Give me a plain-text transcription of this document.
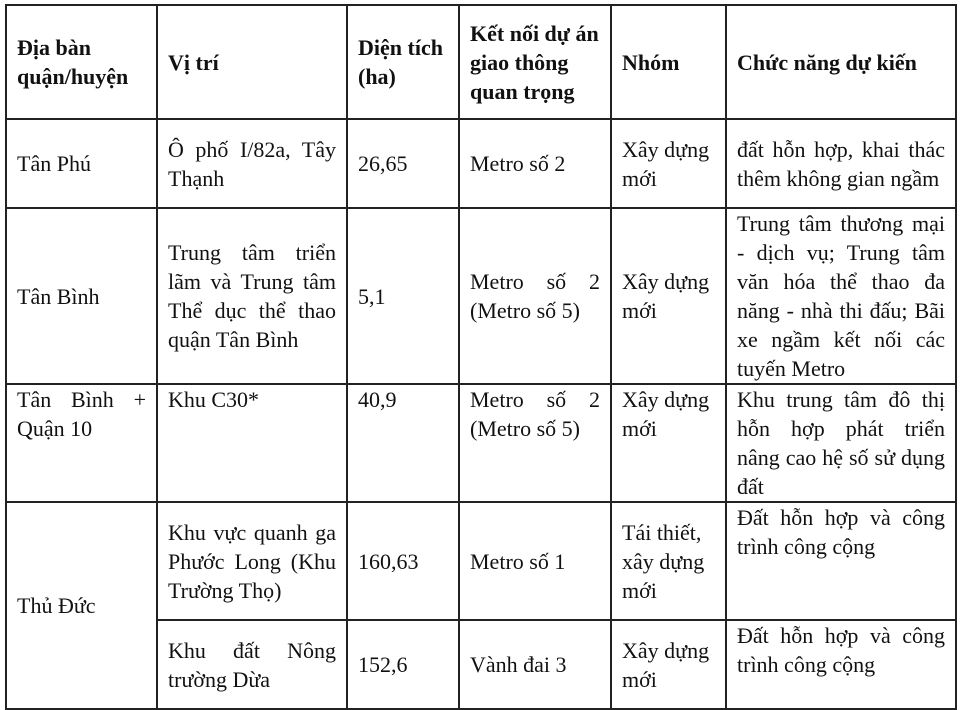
Địa bàn quận/huyện	Vị trí	Diện tích (ha)	Kết nối dự án giao thông quan trọng	Nhóm	Chức năng dự kiến
Tân Phú	Ô phố I/82a, Tây Thạnh	26,65	Metro số 2	Xây dựng mới	đất hỗn hợp, khai thác thêm không gian ngầm
Tân Bình	Trung tâm triển lãm và Trung tâm Thể dục thể thao quận Tân Bình	5,1	Metro số 2 (Metro số 5)	Xây dựng mới	Trung tâm thương mại - dịch vụ; Trung tâm văn hóa thể thao đa năng - nhà thi đấu; Bãi xe ngầm kết nối các tuyến Metro
Tân Bình + Quận 10	Khu C30*	40,9	Metro số 2 (Metro số 5)	Xây dựng mới	Khu trung tâm đô thị hỗn hợp phát triển nâng cao hệ số sử dụng đất
Thủ Đức	Khu vực quanh ga Phước Long (Khu Trường Thọ)	160,63	Metro số 1	Tái thiết, xây dựng mới	Đất hỗn hợp và công trình công cộng
	Khu đất Nông trường Dừa	152,6	Vành đai 3	Xây dựng mới	Đất hỗn hợp và công trình công cộng
